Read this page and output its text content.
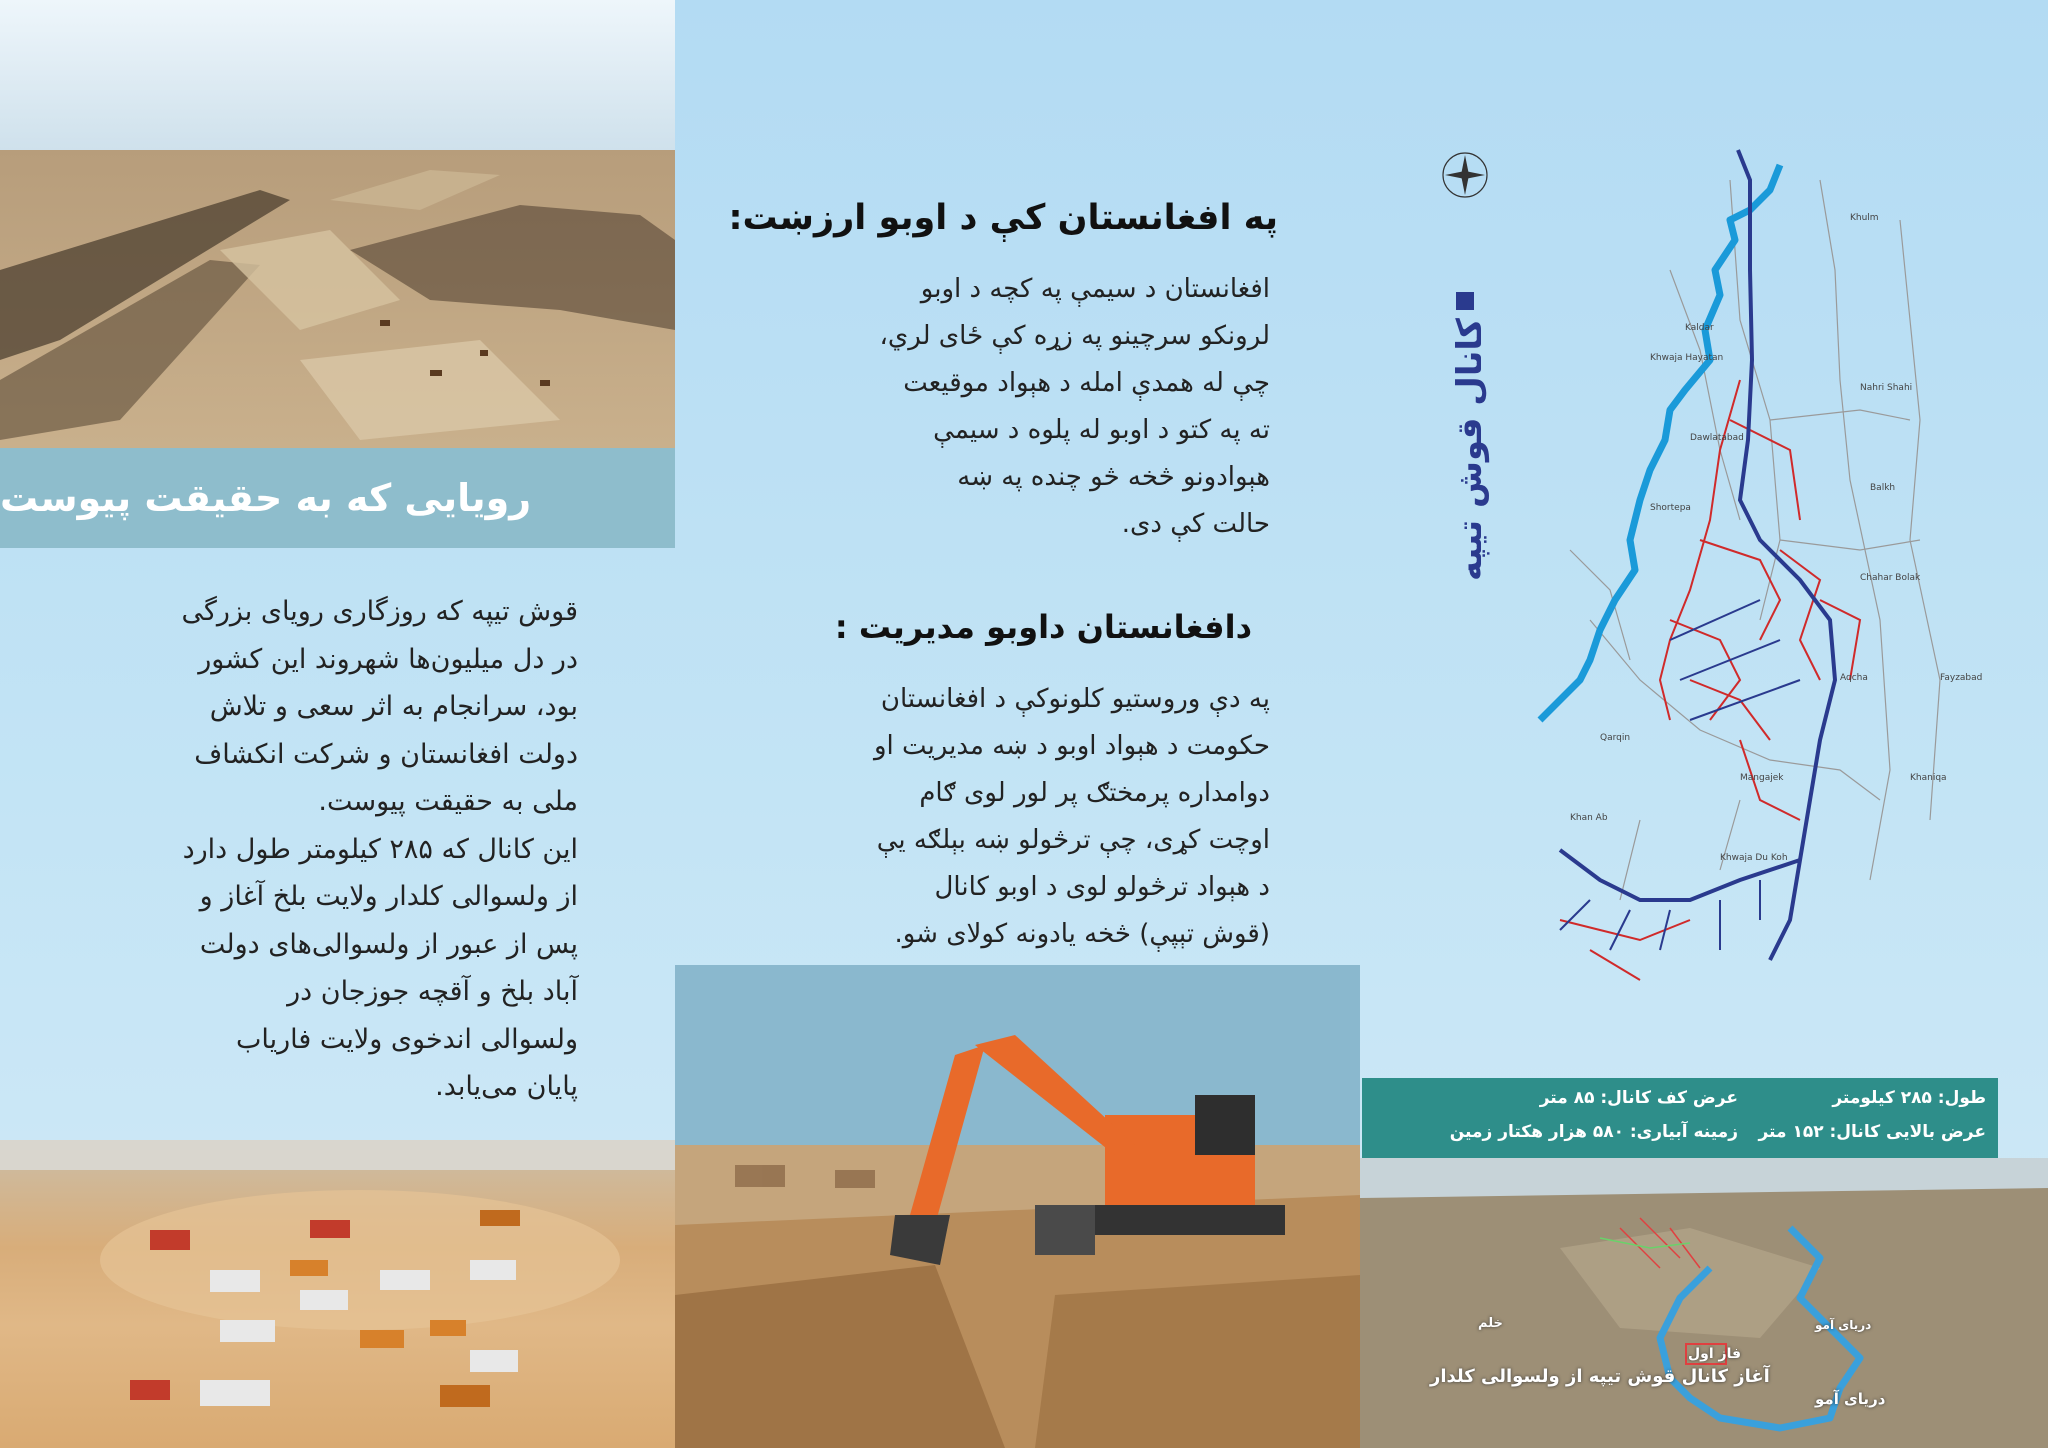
رویایی که به حقیقت پیوست
قوش تیپه که روزگاری رویای بزرگی
در دل میلیون‌ها شهروند این کشور
بود، سرانجام به اثر سعی و تلاش
دولت افغانستان و شرکت انکشاف
ملی به حقیقت پیوست.
این کانال که ۲۸۵ کیلومتر طول دارد
از ولسوالی کلدار ولایت بلخ آغاز و
پس از عبور از ولسوالی‌های دولت
آباد بلخ و آقچه جوزجان در
ولسوالی اندخوی ولایت فاریاب
پایان می‌یابد.
په افغانستان کې د اوبو ارزښت:
افغانستان د سیمې په کچه د اوبو
لرونکو سرچینو په زړه کې ځای لري،
چې له همدې امله د هېواد موقیعت
ته په کتو د اوبو له پلوه د سیمې
هېوادونو څخه څو چنده په ښه
حالت کې دی.
دافغانستان داوبو مدیریت :
په دې وروستیو کلونوکې د افغانستان
حکومت د هېواد اوبو د ښه مدیریت او
دوامداره پرمختګ پر لور لوی ګام
اوچت کړی، چې ترڅولو ښه بېلګه یې
د هېواد ترڅولو لوی د اوبو کانال
(قوش تېپې) څخه یادونه کولای شو.
Khulm
Kaldar
Khwaja Hayatan
Dawlatabad
Nahri Shahi
Shortepa
Balkh
Chahar Bolak
Aqcha	Fayzabad
Khaniqa
Qarqin
Mangajek
Khwaja Du Koh
Khan Ab
کانال قوش تیپه
طول: ۲۸۵ کیلومتر
عرض کف کانال: ۸۵ متر
عرض بالایی کانال: ۱۵۲ متر
زمینه آبیاری: ۵۸۰ هزار هکتار زمین
فاز اول
آغاز کانال قوش تیپه از ولسوالی کلدار
دریای آمو
دریای آمو
خلم
